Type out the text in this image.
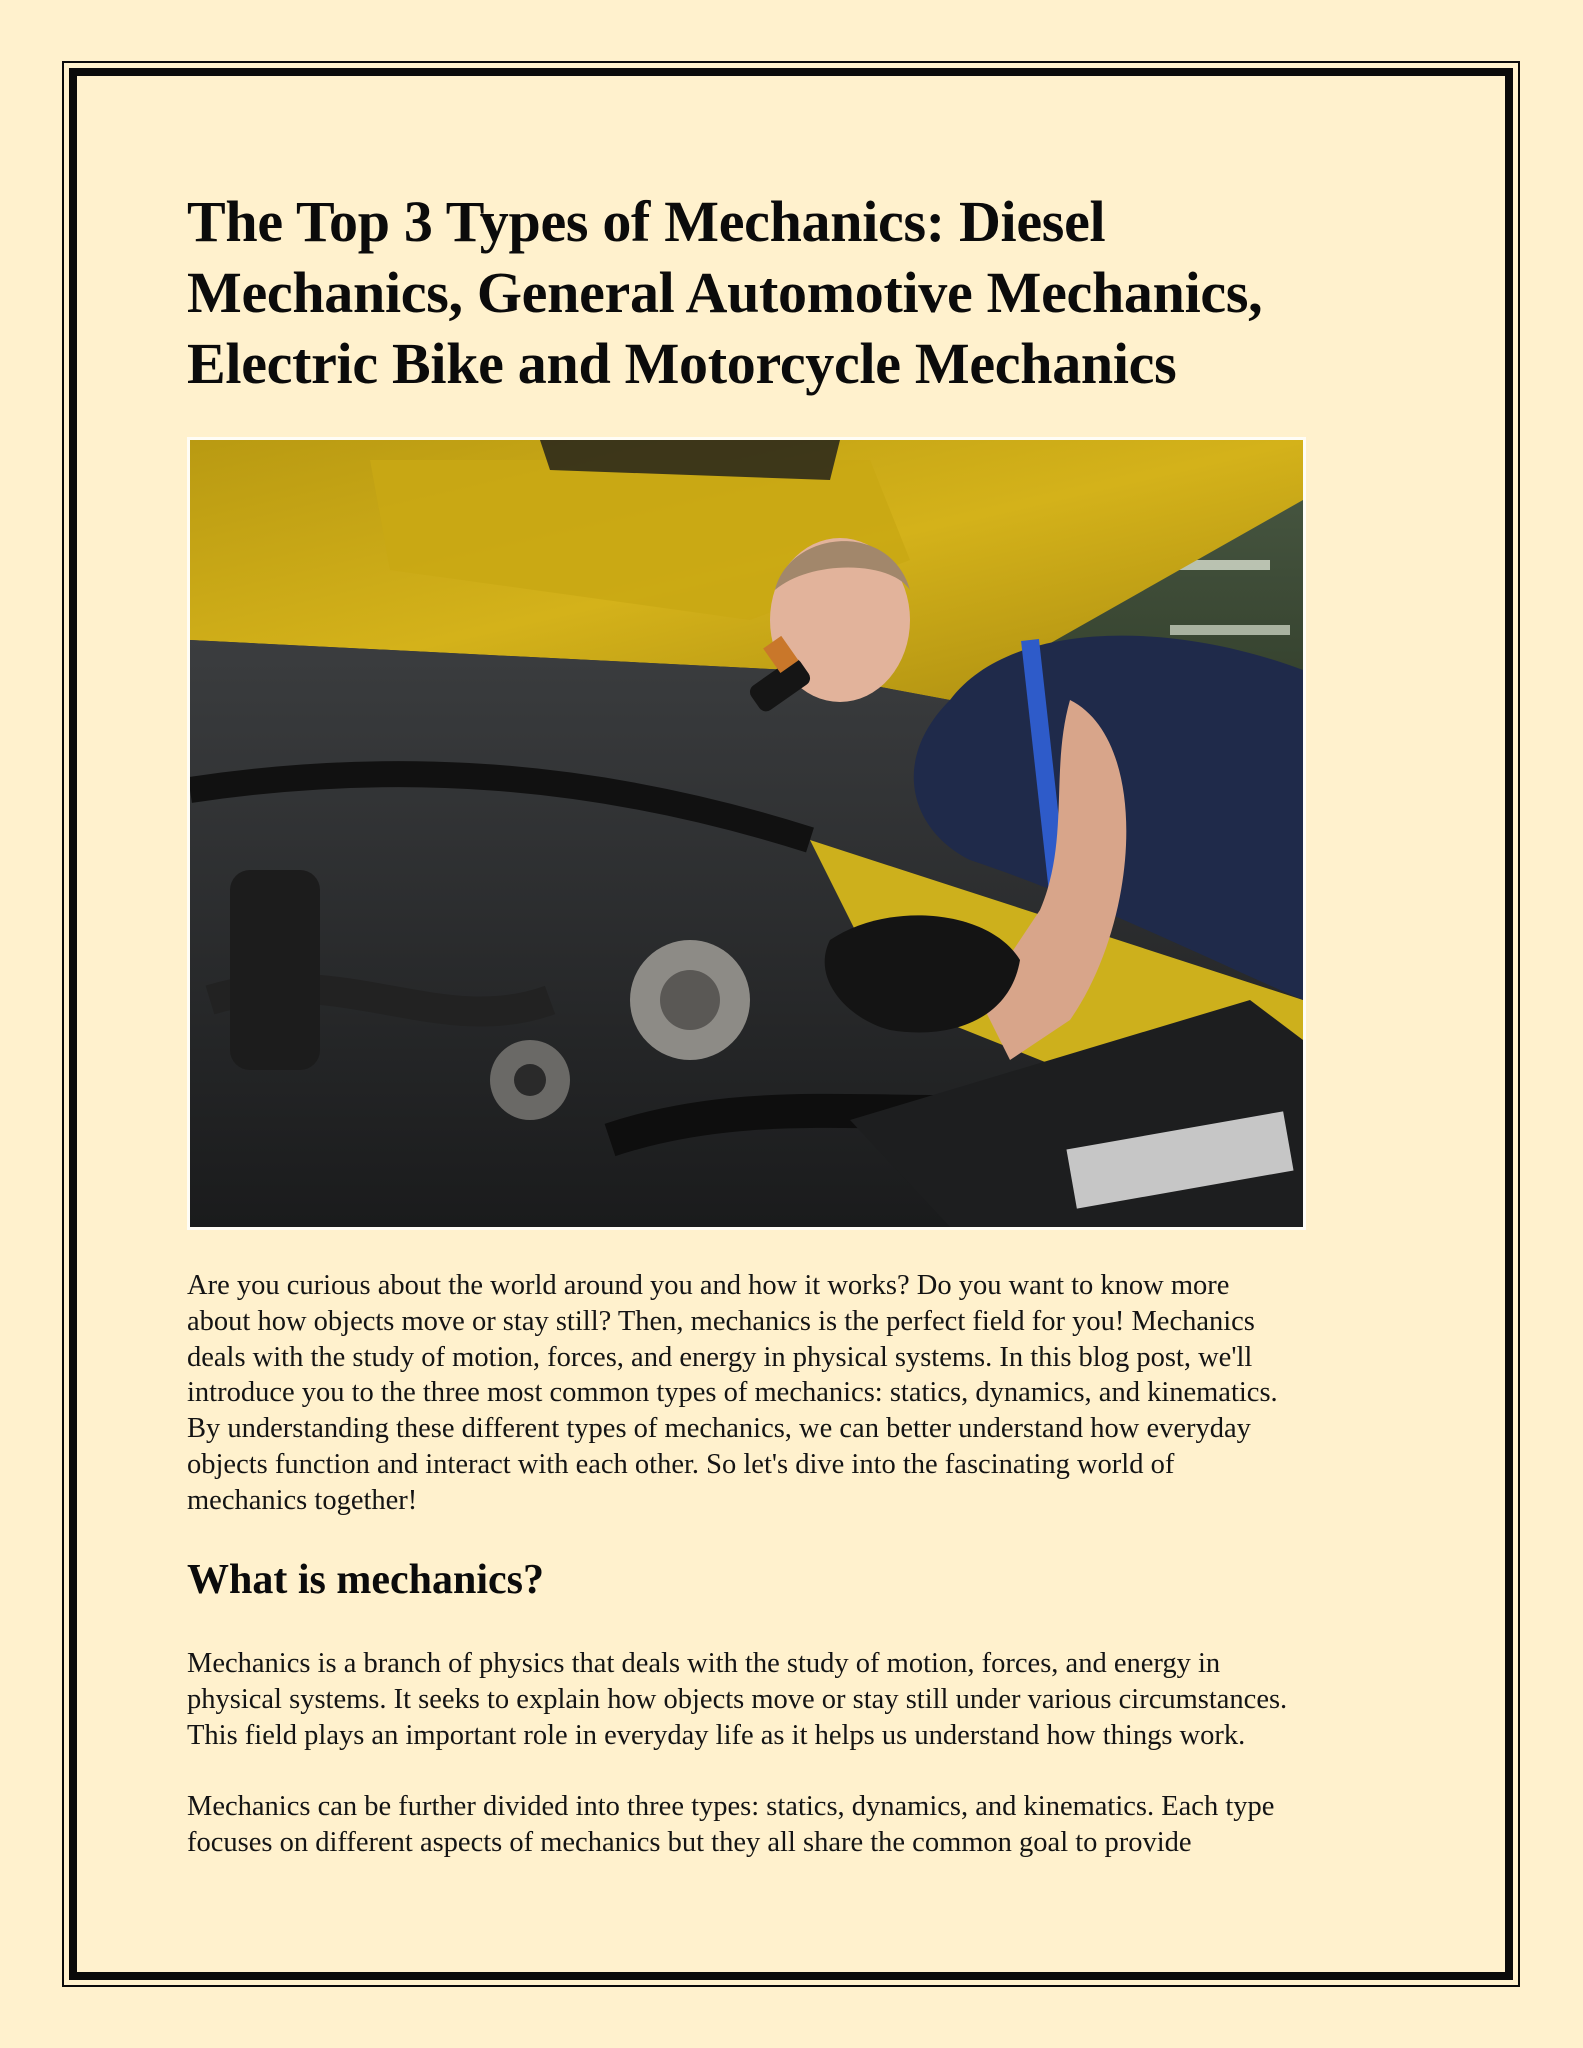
The Top 3 Types of Mechanics: Diesel
Mechanics, General Automotive Mechanics,
Electric Bike and Motorcycle Mechanics

Are you curious about the world around you and how it works? Do you want to know more
about how objects move or stay still? Then, mechanics is the perfect field for you! Mechanics
deals with the study of motion, forces, and energy in physical systems. In this blog post, we'll
introduce you to the three most common types of mechanics: statics, dynamics, and kinematics.
By understanding these different types of mechanics, we can better understand how everyday
objects function and interact with each other. So let's dive into the fascinating world of
mechanics together!

What is mechanics?

Mechanics is a branch of physics that deals with the study of motion, forces, and energy in
physical systems. It seeks to explain how objects move or stay still under various circumstances.
This field plays an important role in everyday life as it helps us understand how things work.

Mechanics can be further divided into three types: statics, dynamics, and kinematics. Each type
focuses on different aspects of mechanics but they all share the common goal to provide
